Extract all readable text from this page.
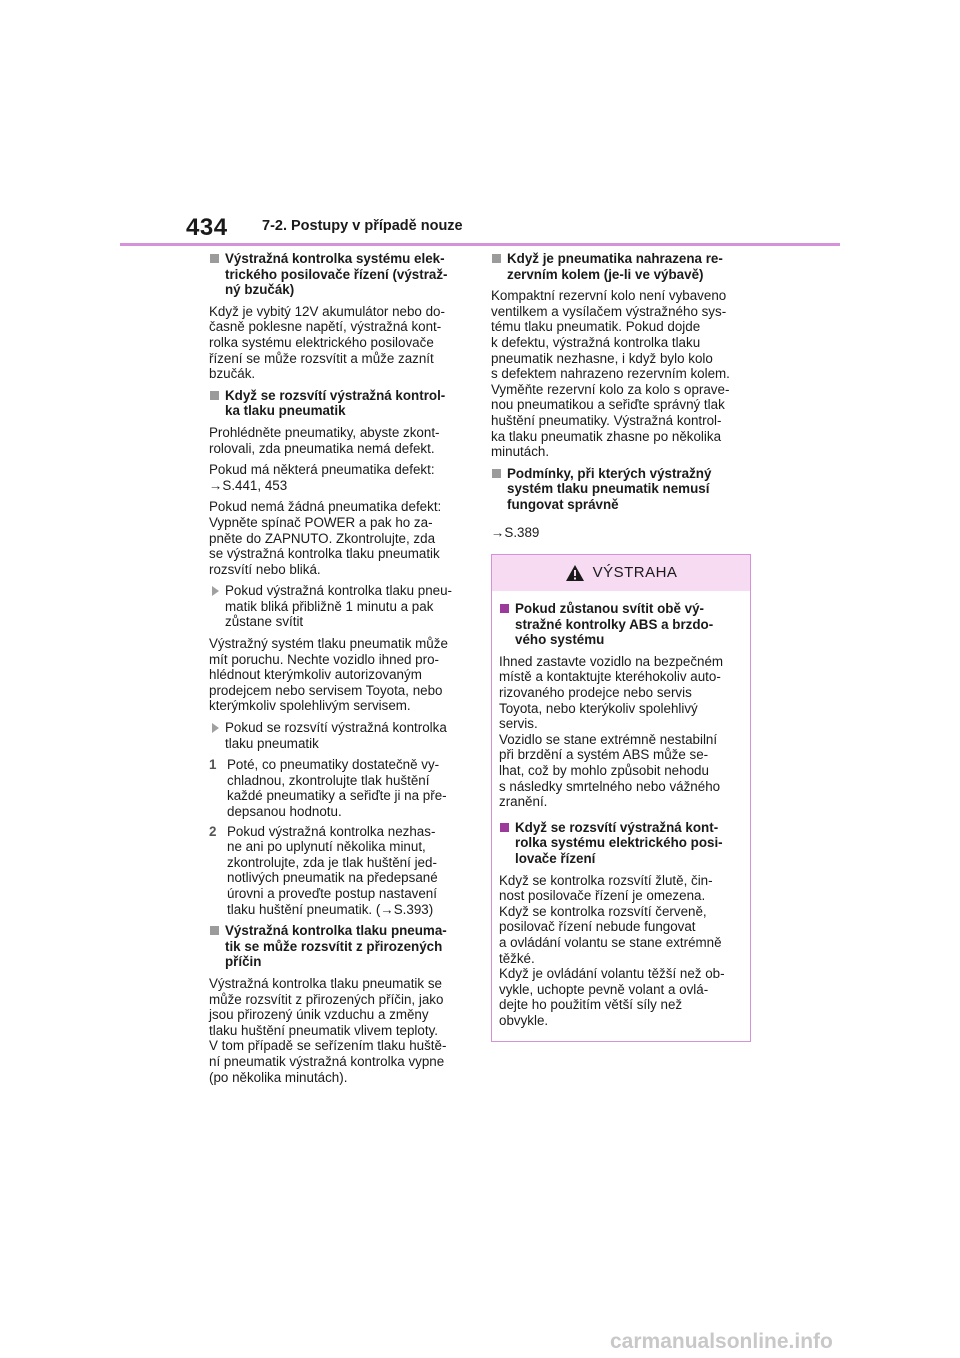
434 7-2. Postupy v případě nouze
Výstražná kontrolka systému elek-
trického posilovače řízení (výstraž-
ný bzučák)

Když je vybitý 12V akumulátor nebo do-
časně poklesne napětí, výstražná kont-
rolka systému elektrického posilovače
řízení se může rozsvítit a může zaznít
bzučák.

Když se rozsvítí výstražná kontrol-
ka tlaku pneumatik

Prohlédněte pneumatiky, abyste zkont-
rolovali, zda pneumatika nemá defekt.

Pokud má některá pneumatika defekt:
→S.441, 453

Pokud nemá žádná pneumatika defekt:
Vypněte spínač POWER a pak ho za-
pněte do ZAPNUTO. Zkontrolujte, zda
se výstražná kontrolka tlaku pneumatik
rozsvítí nebo bliká.

Pokud výstražná kontrolka tlaku pneu-
matik bliká přibližně 1 minutu a pak
zůstane svítit

Výstražný systém tlaku pneumatik může
mít poruchu. Nechte vozidlo ihned pro-
hlédnout kterýmkoliv autorizovaným
prodejcem nebo servisem Toyota, nebo
kterýmkoliv spolehlivým servisem.

Pokud se rozsvítí výstražná kontrolka
tlaku pneumatik
1 Poté, co pneumatiky dostatečně vy-
chladnou, zkontrolujte tlak huštění
každé pneumatiky a seřiďte ji na pře-
depsanou hodnotu.
2 Pokud výstražná kontrolka nezhas-
ne ani po uplynutí několika minut,
zkontrolujte, zda je tlak huštění jed-
notlivých pneumatik na předepsané
úrovni a proveďte postup nastavení
tlaku huštění pneumatik. (→S.393)
Výstražná kontrolka tlaku pneuma-
tik se může rozsvítit z přirozených
příčin

Výstražná kontrolka tlaku pneumatik se
může rozsvítit z přirozených příčin, jako
jsou přirozený únik vzduchu a změny
tlaku huštění pneumatik vlivem teploty.
V tom případě se seřízením tlaku huště-
ní pneumatik výstražná kontrolka vypne
(po několika minutách).

Když je pneumatika nahrazena re-
zervním kolem (je-li ve výbavě)

Kompaktní rezervní kolo není vybaveno
ventilkem a vysílačem výstražného sys-
tému tlaku pneumatik. Pokud dojde
k defektu, výstražná kontrolka tlaku
pneumatik nezhasne, i když bylo kolo
s defektem nahrazeno rezervním kolem.
Vyměňte rezervní kolo za kolo s oprave-
nou pneumatikou a seřiďte správný tlak
huštění pneumatiky. Výstražná kontrol-
ka tlaku pneumatik zhasne po několika
minutách.

Podmínky, při kterých výstražný
systém tlaku pneumatik nemusí
fungovat správně

→S.389

VÝSTRAHA
Pokud zůstanou svítit obě vý-
stražné kontrolky ABS a brzdo-
vého systému

Ihned zastavte vozidlo na bezpečném
místě a kontaktujte kteréhokoliv auto-
rizovaného prodejce nebo servis
Toyota, nebo kterýkoliv spolehlivý
servis.
Vozidlo se stane extrémně nestabilní
při brzdění a systém ABS může se-
lhat, což by mohlo způsobit nehodu
s následky smrtelného nebo vážného
zranění.

Když se rozsvítí výstražná kont-
rolka systému elektrického posi-
lovače řízení

Když se kontrolka rozsvítí žlutě, čin-
nost posilovače řízení je omezena.
Když se kontrolka rozsvítí červeně,
posilovač řízení nebude fungovat
a ovládání volantu se stane extrémně
těžké.
Když je ovládání volantu těžší než ob-
vykle, uchopte pevně volant a ovlá-
dejte ho použitím větší síly než
obvykle.

carmanualsonline.info
